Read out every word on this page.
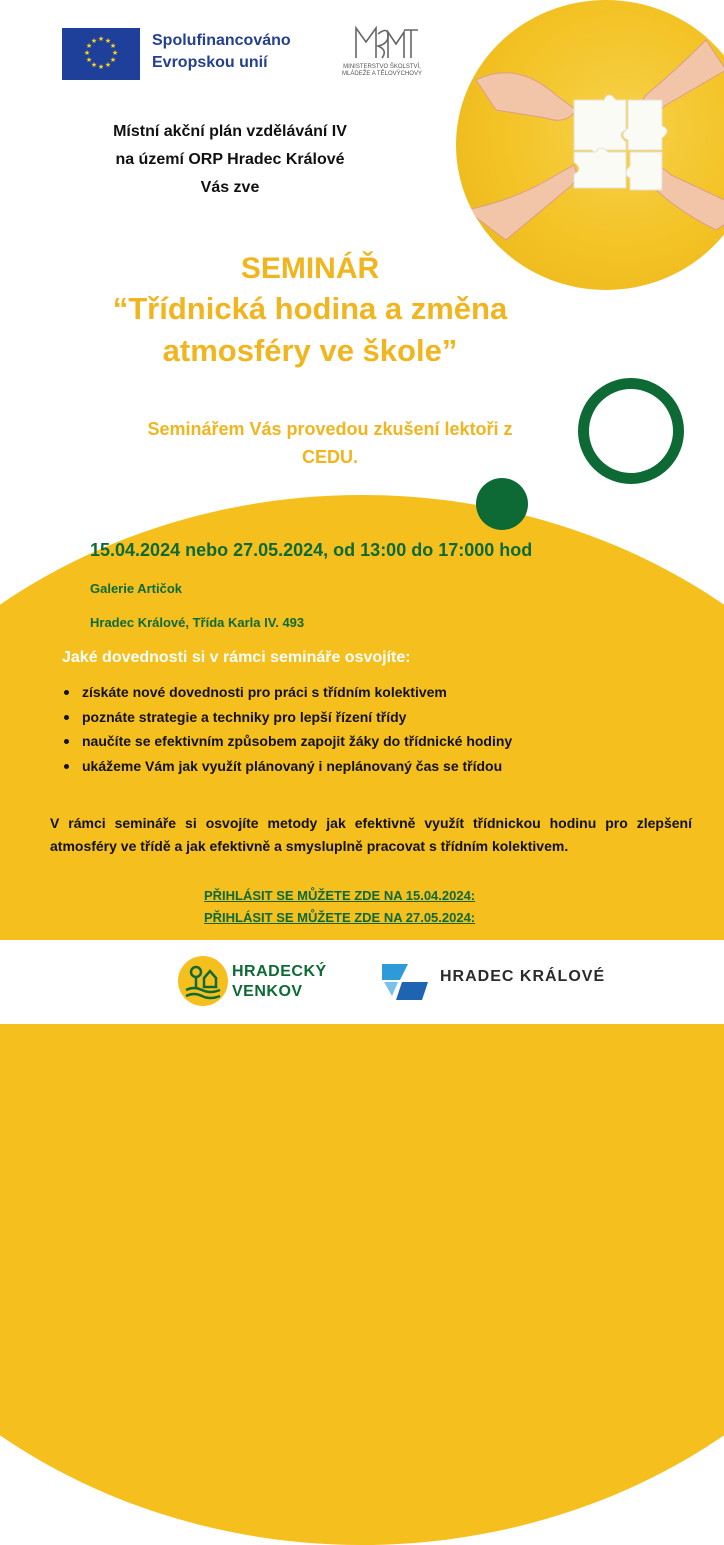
★ ★
★
★
★
★
★
★
★
★
★
★	Spolufinancováno
Evropskou unií	MINISTERSTVO ŠKOLSTVÍ,
MLÁDEŽE A TĚLOVÝCHOVY
Místní akční plán vzdělávání IV
na území ORP Hradec Králové
Vás zve
SEMINÁŘ
“Třídnická hodina a změna
atmosféry ve škole”
Seminářem Vás provedou zkušení lektoři z
CEDU.
15.04.2024 nebo 27.05.2024, od 13:00 do 17:000 hod
Galerie Artičok
Hradec Králové, Třída Karla IV. 493
Jaké dovednosti si v rámci semináře osvojíte:
získáte nové dovednosti pro práci s třídním kolektivem
poznáte strategie a techniky pro lepší řízení třídy
naučíte se efektivním způsobem zapojit žáky do třídnické hodiny
ukážeme Vám jak využít plánovaný i neplánovaný čas se třídou
V rámci semináře si osvojíte metody jak efektivně využít třídnickou hodinu pro zlepšení atmosféry ve třídě a jak efektivně a smysluplně pracovat s třídním kolektivem.
PŘIHLÁSIT SE MŮŽETE ZDE NA 15.04.2024:
PŘIHLÁSIT SE MŮŽETE ZDE NA 27.05.2024:
HRADECKÝ
VENKOV
HRADEC KRÁLOVÉ
